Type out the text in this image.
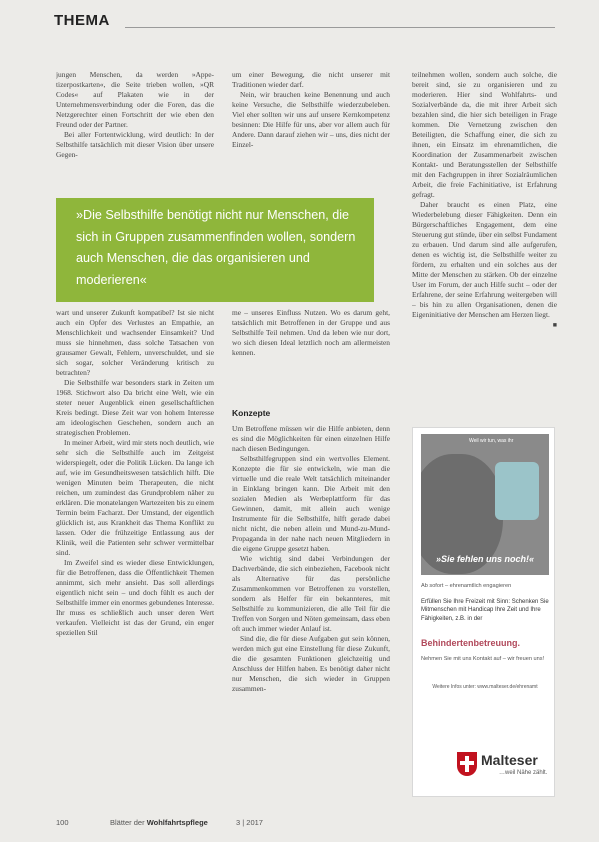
THEMA

jungen Menschen, da werden »Appe-tizerpostkarten«, die Seite trieben wollen, »QR Codes« auf Plakaten wie in der Unternehmensverbindung oder die Foren, das die Netzgerechter einen Fortschritt der wie eben den Freund oder der Partner.

Bei aller Fortentwicklung, wird deutlich: In der Selbsthilfe tatsächlich mit dieser Vision über unsere Gegen-

um einer Bewegung, die nicht unserer mit Traditionen wieder darf.

Nein, wir brauchen keine Benennung und auch keine Versuche, die Selbsthilfe wiederzubeleben. Viel eher sollten wir uns auf unsere Kernkompetenz besinnen: Die Hilfe für uns, aber vor allem auch für Andere. Dann darauf ziehen wir – uns, dies nicht der Einzel-

teilnehmen wollen, sondern auch solche, die bereit sind, sie zu organisieren und zu moderieren. Hier sind Wohlfahrts- und Sozialverbände da, die mit ihrer Arbeit sich bezahlen sind, die hier sich beteiligen in Frage kommen. Die Vernetzung zwischen den Beteiligten, die Schaffung einer, die sich zu ihnen, ein Einsatz im ehrenamtlichen, die Koordination der Zusammenarbeit zwischen Kontakt- und Beratungsstellen der Selbsthilfe mit den Fachgruppen in ihrer Sozialräumlichen Arbeit, die freie Fachinitiative, ist Erfahrung gefragt.

Daher braucht es einen Platz, eine Wiederbelebung dieser Fähigkeiten. Denn ein Bürgerschaftliches Engagement, dem eine Steuerung gut stünde, über ein selbst Fundament zu erbauen. Und darum sind alle aufgerufen, denen es wichtig ist, die Selbsthilfe weiter zu fördern, zu erhalten und ein solches aus der Mitte der Menschen zu stärken. Ob der einzelne User im Forum, der auch Hilfe sucht – oder der Erfahrene, der seine Erfahrung weitergeben will – bis hin zu allen Organisationen, denen die Eigeninitiative der Menschen am Herzen liegt.

■

»Die Selbsthilfe benötigt nicht nur Menschen, die sich in Gruppen zusammenfinden wollen, sondern auch Menschen, die das organisieren und moderieren«

wart und unserer Zukunft kompatibel? Ist sie nicht auch ein Opfer des Verlustes an Empathie, an Menschlichkeit und wachsender Einsamkeit? Und muss sie hinnehmen, dass solche Tatsachen von grausamer Gewalt, Fehlern, unverschuldet, und sie sich sogar, solcher Veränderung kritisch zu betrachten?

Die Selbsthilfe war besonders stark in Zeiten um 1968. Stichwort also Da bricht eine Welt, wie ein steter neuer Augenblick einen gesellschaftlichen Kreis bedingt. Diese Zeit war von hohem Interesse am ideologischen Geschehen, sondern auch an strategischen Problemen.

In meiner Arbeit, wird mir stets noch deutlich, wie sehr sich die Selbsthilfe auch im Zeitgeist widerspiegelt, oder die Politik Lücken. Da lange ich auf, wie im Gesundheitswesen tatsächlich hilft. Die wenigen Minuten beim Therapeuten, die nicht reichen, um zumindest das Grundproblem näher zu erklären. Die monatelangen Wartezeiten bis zu einem Termin beim Facharzt. Der Umstand, der eigentlich glücklich ist, aus Krankheit das Thema Konflikt zu lassen. Oder die frühzeitige Entlassung aus der Klinik, weil die Patienten sehr schwer vermittelbar sind.

Im Zweifel sind es wieder diese Entwicklungen, für die Betroffenen, dass die Öffentlichkeit Themen annimmt, sich mehr ansieht. Das soll allerdings eigentlich nicht sein – und doch fühlt es auch der Selbsthilfe immer ein enormes gebundenes Interesse. Ihr muss es schließlich auch unser deren Wert verkaufen. Vielleicht ist das der Grund, ein enger speziellen Stil

me – unseres Einfluss Nutzen. Wo es darum geht, tatsächlich mit Betroffenen in der Gruppe und aus Selbsthilfe Teil nehmen. Und da leben wie nur dort, wo sich diesen Ideal letztlich noch am allermeisten kennen.

Konzepte

Um Betroffene müssen wir die Hilfe anbieten, denn es sind die Möglichkeiten für einen einzelnen Hilfe nach diesen Bedingungen.

Selbsthilfegruppen sind ein wertvolles Element. Konzepte die für sie entwickeln, wie man die virtuelle und die reale Welt tatsächlich miteinander in Einklang bringen kann. Die Arbeit mit den sozialen Medien als Werbeplattform für das Gewinnen, damit, mit allein auch wenige Instrumente für die Selbsthilfe, hilft gerade dabei nicht nicht, die neben allein und Mund-zu-Mund-Propaganda in der nahe nach neuen Mitgliedern in die eigene Gruppe gesetzt haben.

Wie wichtig sind dabei Verbindungen der Dachverbände, die sich einbeziehen, Facebook nicht als Alternative für das persönliche Zusammenkommen vor Betroffenen zu vorstellen, sondern als Helfer für ein bekannteres, mit Selbsthilfe zu kommunizieren, die alle Teil für die Treffen von Sorgen und Nöten gemeinsam, dass eben oft auch immer wieder Anlauf ist.

Sind die, die für diese Aufgaben gut sein können, werden mich gut eine Einstellung für diese Zukunft, die die gesamten Funktionen gleichzeitig und Anschluss der Hilfen haben. Es benötigt daher nicht nur Menschen, die sich wieder in Gruppen zusammen-

Weil wir tun, was ihr
»Sie fehlen uns noch!«
Ab sofort – ehrenamtlich engagieren
Erfüllen Sie Ihre Freizeit mit Sinn: Schenken Sie Mitmenschen mit Handicap Ihre Zeit und Ihre Fähigkeiten, z.B. in der
Behindertenbetreuung.
Nehmen Sie mit uns Kontakt auf – wir freuen uns!
Weitere Infos unter: www.malteser.de/ehrenamt
Malteser
…weil Nähe zählt.
100	Blätter der Wohlfahrtspflege	3 | 2017
